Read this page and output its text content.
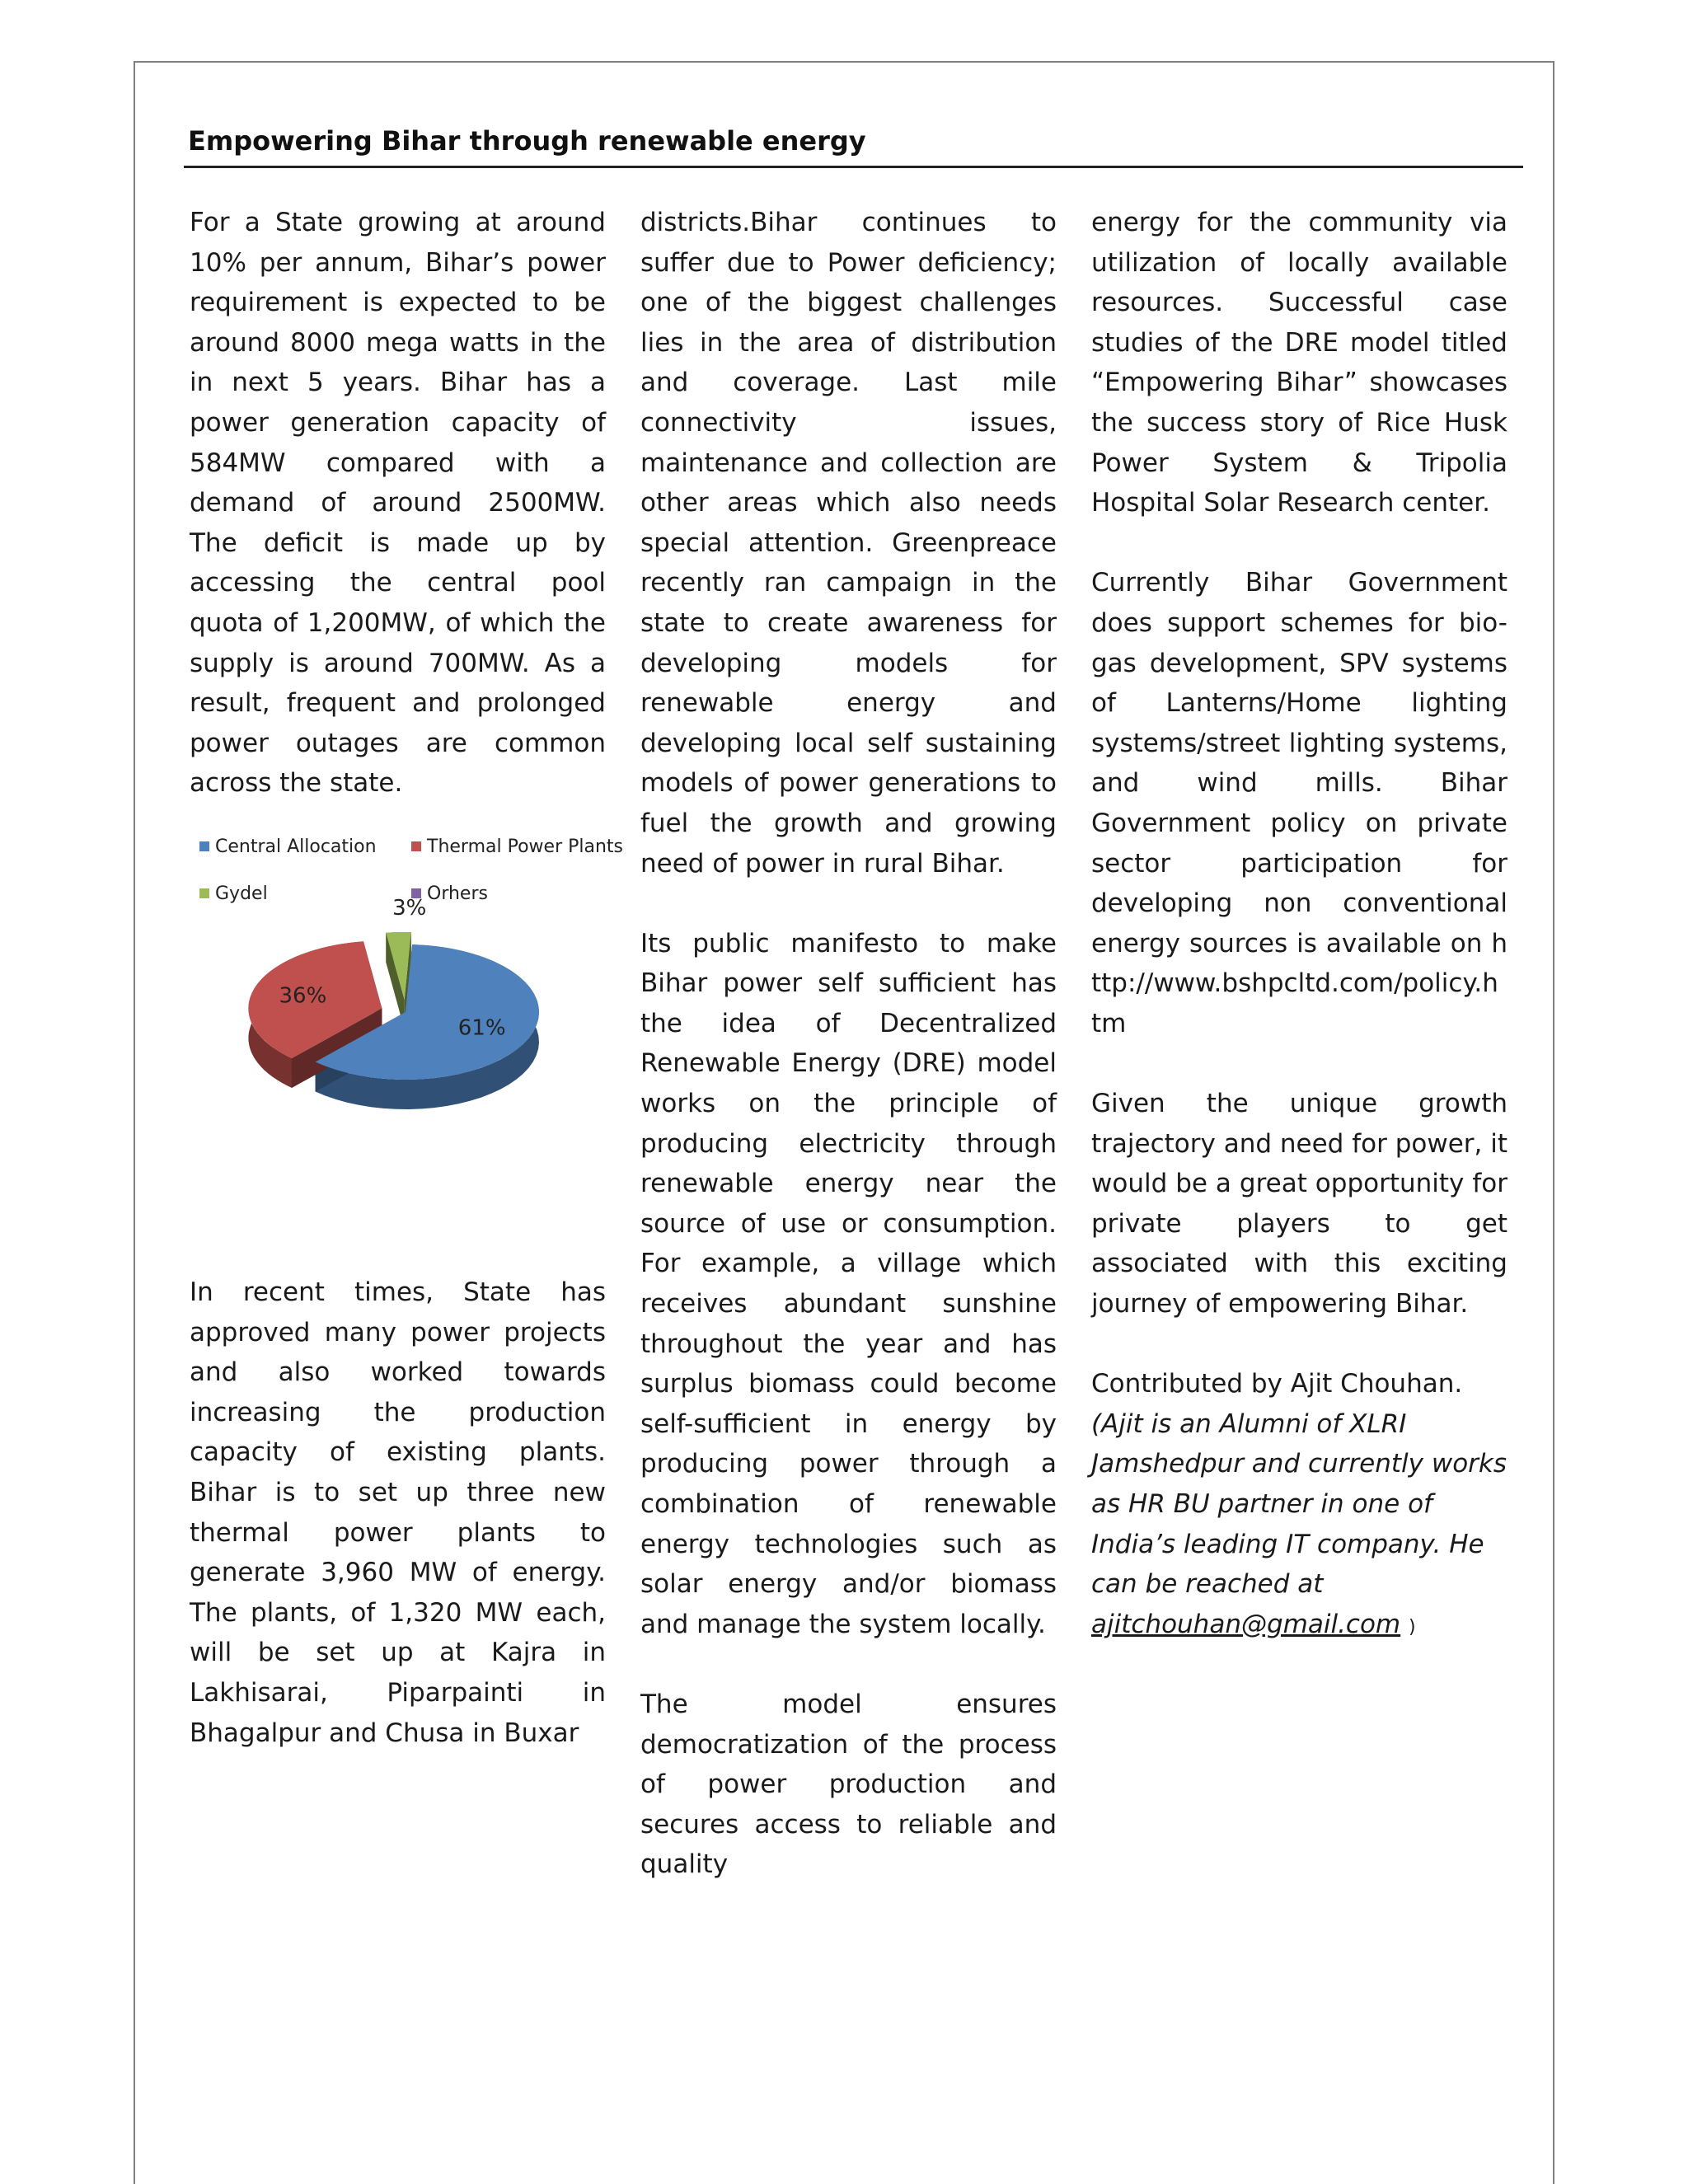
Empowering Bihar through renewable energy

For a State growing at around 10% per annum, Bihar’s power requirement is expected to be around 8000 mega watts in the in next 5 years. Bihar has a power generation capacity of 584MW compared with a demand of around 2500MW. The deficit is made up by accessing the central pool quota of 1,200MW, of which the supply is around 700MW. As a result, frequent and prolonged power outages are common across the state.

Central Allocation	Thermal Power Plants
Gydel	Orhers
61%
36%
3%

In recent times, State has approved many power projects and also worked towards increasing the production capacity of existing plants. Bihar is to set up three new thermal power plants to generate 3,960 MW of energy. The plants, of 1,320 MW each, will be set up at Kajra in Lakhisarai, Piparpainti in Bhagalpur and Chusa in Buxar

districts.Bihar continues to suffer due to Power deficiency; one of the biggest challenges lies in the area of distribution and coverage. Last mile connectivity issues, maintenance and collection are other areas which also needs special attention. Greenpreace recently ran campaign in the state to create awareness for developing models for renewable energy and developing local self sustaining models of power generations to fuel the growth and growing need of power in rural Bihar.

Its public manifesto to make Bihar power self sufficient has the idea of Decentralized Renewable Energy (DRE) model works on the principle of producing electricity through renewable energy near the source of use or consumption. For example, a village which receives abundant sunshine throughout the year and has surplus biomass could become self-sufficient in energy by producing power through a combination of renewable energy technologies such as solar energy and/or biomass and manage the system locally.

The model ensures democratization of the process of power production and secures access to reliable and quality

energy for the community via utilization of locally available resources. Successful case studies of the DRE model titled “Empowering Bihar” showcases the success story of Rice Husk Power System & Tripolia Hospital Solar Research center.

Currently Bihar Government does support schemes for bio-gas development, SPV systems of Lanterns/Home lighting systems/street lighting systems, and wind mills. Bihar Government policy on private sector participation for developing non conventional energy sources is available on http://www.bshpcltd.com/policy.htm

Given the unique growth trajectory and need for power, it would be a great opportunity for private players to get associated with this exciting journey of empowering Bihar.

Contributed by Ajit Chouhan. (Ajit is an Alumni of XLRI Jamshedpur and currently works as HR BU partner in one of India’s leading IT company. He can be reached at ajitchouhan@gmail.com )
